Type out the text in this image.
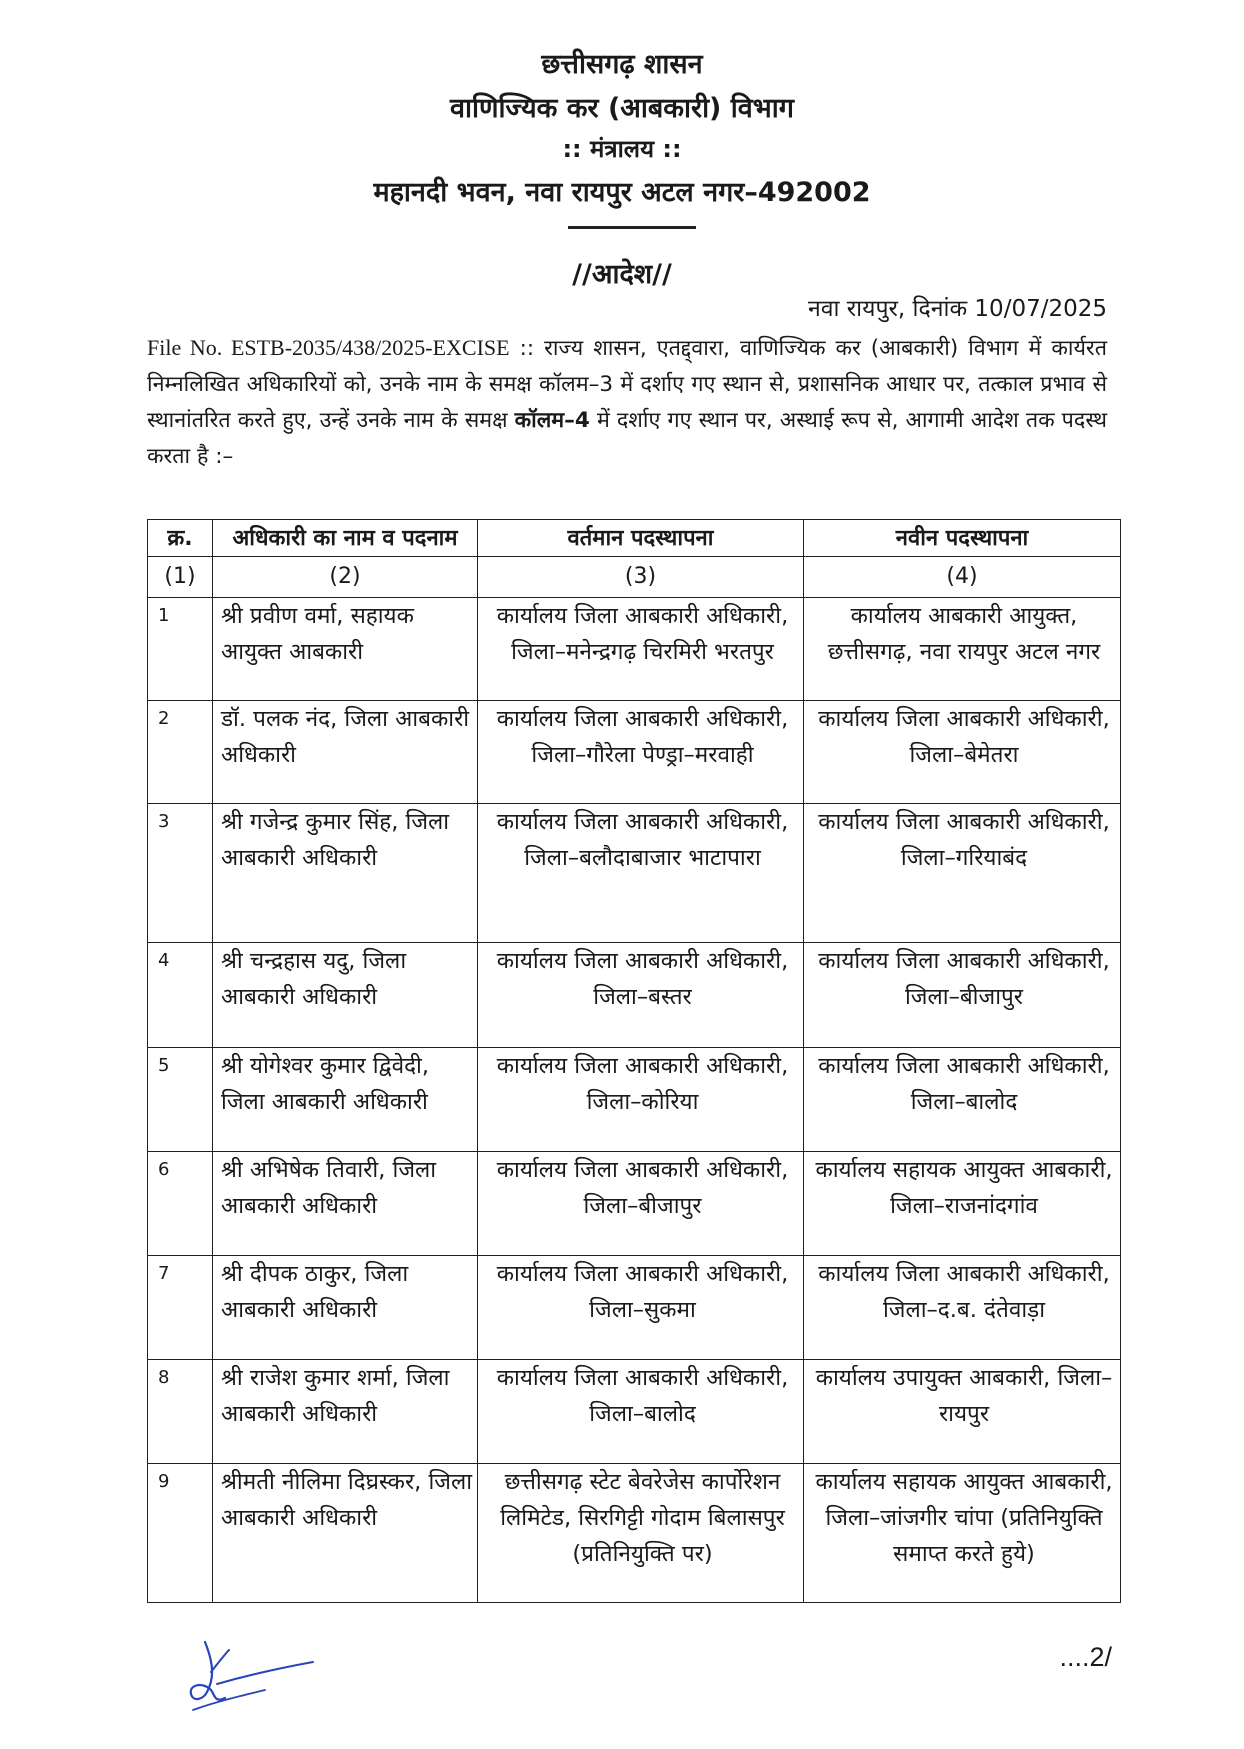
छत्तीसगढ़ शासन
वाणिज्यिक कर (आबकारी) विभाग
:: मंत्रालय ::
महानदी भवन, नवा रायपुर अटल नगर–492002
//आदेश//
नवा रायपुर, दिनांक 10/07/2025
File No. ESTB-2035/438/2025-EXCISE :: राज्य शासन, एतद्द्वारा, वाणिज्यिक कर (आबकारी) विभाग में कार्यरत निम्नलिखित अधिकारियों को, उनके नाम के समक्ष कॉलम–3 में दर्शाए गए स्थान से, प्रशासनिक आधार पर, तत्काल प्रभाव से स्थानांतरित करते हुए, उन्हें उनके नाम के समक्ष कॉलम–4 में दर्शाए गए स्थान पर, अस्थाई रूप से, आगामी आदेश तक पदस्थ करता है :–
क्र.	अधिकारी का नाम व पदनाम	वर्तमान पदस्थापना	नवीन पदस्थापना
(1)	(2)	(3)	(4)
1	श्री प्रवीण वर्मा, सहायक आयुक्त आबकारी	कार्यालय जिला आबकारी अधिकारी, जिला–मनेन्द्रगढ़ चिरमिरी भरतपुर	कार्यालय आबकारी आयुक्त, छत्तीसगढ़, नवा रायपुर अटल नगर
2	डॉ. पलक नंद, जिला आबकारी अधिकारी	कार्यालय जिला आबकारी अधिकारी, जिला–गौरेला पेण्ड्रा–मरवाही	कार्यालय जिला आबकारी अधिकारी, जिला–बेमेतरा
3	श्री गजेन्द्र कुमार सिंह, जिला आबकारी अधिकारी	कार्यालय जिला आबकारी अधिकारी, जिला–बलौदाबाजार भाटापारा	कार्यालय जिला आबकारी अधिकारी, जिला–गरियाबंद
4	श्री चन्द्रहास यदु, जिला आबकारी अधिकारी	कार्यालय जिला आबकारी अधिकारी, जिला–बस्तर	कार्यालय जिला आबकारी अधिकारी, जिला–बीजापुर
5	श्री योगेश्वर कुमार द्विवेदी, जिला आबकारी अधिकारी	कार्यालय जिला आबकारी अधिकारी, जिला–कोरिया	कार्यालय जिला आबकारी अधिकारी, जिला–बालोद
6	श्री अभिषेक तिवारी, जिला आबकारी अधिकारी	कार्यालय जिला आबकारी अधिकारी, जिला–बीजापुर	कार्यालय सहायक आयुक्त आबकारी, जिला–राजनांदगांव
7	श्री दीपक ठाकुर, जिला आबकारी अधिकारी	कार्यालय जिला आबकारी अधिकारी, जिला–सुकमा	कार्यालय जिला आबकारी अधिकारी, जिला–द.ब. दंतेवाड़ा
8	श्री राजेश कुमार शर्मा, जिला आबकारी अधिकारी	कार्यालय जिला आबकारी अधिकारी, जिला–बालोद	कार्यालय उपायुक्त आबकारी, जिला–रायपुर
9	श्रीमती नीलिमा दिघ्रस्कर, जिला आबकारी अधिकारी	छत्तीसगढ़ स्टेट बेवरेजेस कार्पोरेशन लिमिटेड, सिरगिट्टी गोदाम बिलासपुर (प्रतिनियुक्ति पर)	कार्यालय सहायक आयुक्त आबकारी, जिला–जांजगीर चांपा (प्रतिनियुक्ति समाप्त करते हुये)
....2/
